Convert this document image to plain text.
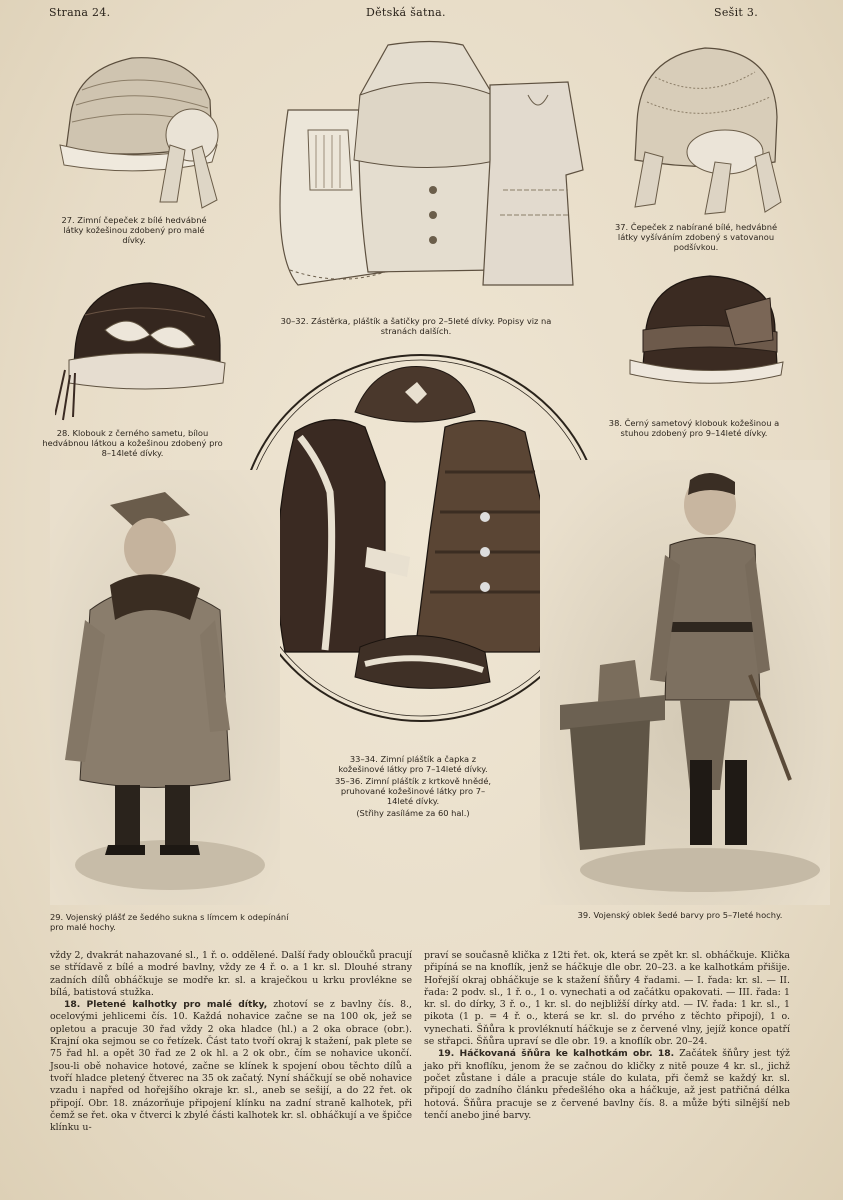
Strana 24.	Dětská šatna.	Sešit 3.
27. Zimní čepeček z bílé hedvábné látky kožešinou zdobený pro malé dívky.
30–32. Zástěrka, pláštík a šatičky pro 2–5leté dívky. Popisy viz na stranách dalších.
37. Čepeček z nabírané bílé, hedvábné látky vyšíváním zdobený s vatovanou podšívkou.
28. Klobouk z černého sametu, bílou hedvábnou látkou a kožešinou zdobený pro 8–14leté dívky.
38. Černý sametový klobouk kožešinou a stuhou zdobený pro 9–14leté dívky.
33–34. Zimní pláštík a čapka z kožešinové látky pro 7–14leté dívky.
35–36. Zimní pláštík z krtkově hnědé, pruhované kožešinové látky pro 7–14leté dívky.
(Střihy zasíláme za 60 hal.)
29. Vojenský plášť ze šedého sukna s límcem k odepínání pro malé hochy.
39. Vojenský oblek šedé barvy pro 5–7leté hochy.

vždy 2, dvakrát nahazované sl., 1 ř. o. oddělené. Další řady obloučků pracují se střídavě z bílé a modré bavlny, vždy ze 4 ř. o. a 1 kr. sl. Dlouhé strany zadních dílů obháčkuje se modře kr. sl. a kraječkou u krku provlékne se bílá, batistová stužka.

18. Pletené kalhotky pro malé dítky, zhotoví se z bavlny čís. 8., ocelovými jehlicemi čís. 10. Každá nohavice začne se na 100 ok, jež se opletou a pracuje 30 řad vždy 2 oka hladce (hl.) a 2 oka obrace (obr.). Krajní oka sejmou se co řetízek. Část tato tvoří okraj k stažení, pak plete se 75 řad hl. a opět 30 řad ze 2 ok hl. a 2 ok obr., čím se nohavice ukončí. Jsou-li obě nohavice hotové, začne se klínek k spojení obou těchto dílů a tvoří hladce pletený čtverec na 35 ok začatý. Nyní sháčkují se obě nohavice vzadu i napřed od hořejšího okraje kr. sl., aneb se sešijí, a do 22 řet. ok připojí. Obr. 18. znázorňuje připojení klínku na zadní straně kalhotek, při čemž se řet. oka v čtverci k zbylé části kalhotek kr. sl. obháčkují a ve špičce klínku u-

praví se současně klička z 12ti řet. ok, která se zpět kr. sl. obháčkuje. Klička připíná se na knoflík, jenž se háčkuje dle obr. 20–23. a ke kalhotkám přišije. Hořejší okraj obháčkuje se k stažení šňůry 4 řadami. — I. řada: kr. sl. — II. řada: 2 podv. sl., 1 ř. o., 1 o. vynechati a od začátku opakovati. — III. řada: 1 kr. sl. do dírky, 3 ř. o., 1 kr. sl. do nejbližší dírky atd. — IV. řada: 1 kr. sl., 1 pikota (1 p. = 4 ř. o., která se kr. sl. do prvého z těchto připojí), 1 o. vynechati. Šňůra k provléknutí háčkuje se z červené vlny, jejíž konce opatří se střapci. Šňůra upraví se dle obr. 19. a knoflík obr. 20–24.

19. Háčkovaná šňůra ke kalhotkám obr. 18. Začátek šňůry jest týž jako při knoflíku, jenom že se začnou do kličky z nitě pouze 4 kr. sl., jichž počet zůstane i dále a pracuje stále do kulata, při čemž se každý kr. sl. připojí do zadního článku předešlého oka a háčkuje, až jest patřičná délka hotová. Šňůra pracuje se z červené bavlny čís. 8. a může býti silnější neb tenčí anebo jiné barvy.
